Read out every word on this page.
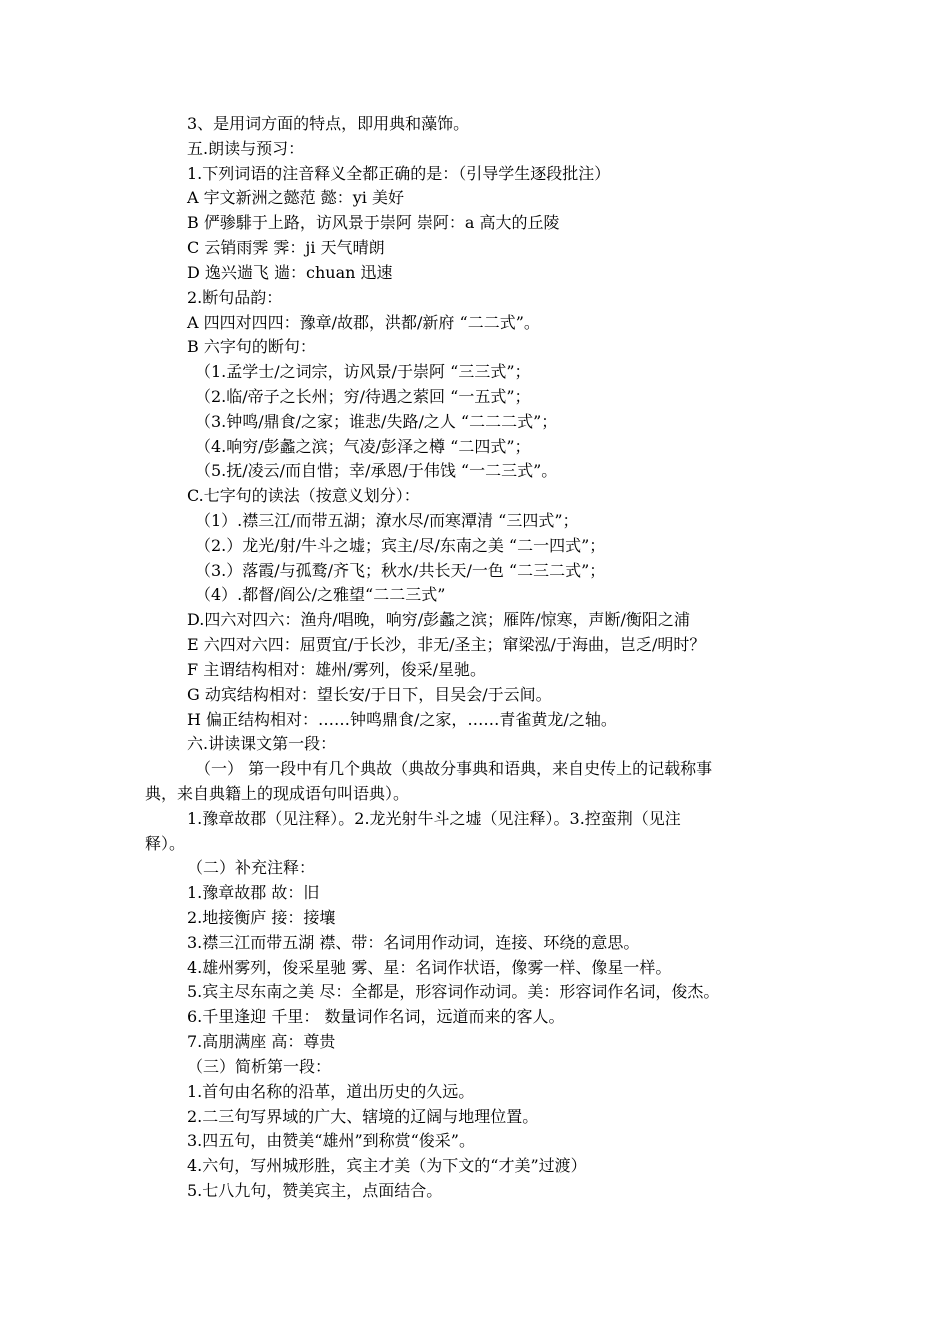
3、是用词方面的特点，即用典和藻饰。
五.朗读与预习：
1.下列词语的注音释义全都正确的是：（引导学生逐段批注）
A 宇文新洲之懿范 懿：yi 美好
B 俨骖騑于上路，访风景于崇阿 崇阿：a 高大的丘陵
C 云销雨霁 霁：ji 天气晴朗
D 逸兴遄飞 遄：chuan 迅速
2.断句品韵：
A 四四对四四：豫章/故郡，洪都/新府 “二二式”。
B 六字句的断句：
（1.孟学士/之词宗，访风景/于崇阿 “三三式”；
（2.临/帝子之长州；穷/待遇之萦回 “一五式”；
（3.钟鸣/鼎食/之家；谁悲/失路/之人 “二二二式”；
（4.响穷/彭蠡之滨；气凌/彭泽之樽 “二四式”；
（5.抚/凌云/而自惜；幸/承恩/于伟饯 “一二三式”。
C.七字句的读法（按意义划分）：
（1）.襟三江/而带五湖；潦水尽/而寒潭清 “三四式”；
（2.）龙光/射/牛斗之墟；宾主/尽/东南之美 “二一四式”；
（3.）落霞/与孤鹜/齐飞；秋水/共长天/一色 “二三二式”；
（4）.都督/阎公/之雅望“二二三式”
D.四六对四六：渔舟/唱晚，响穷/彭蠡之滨；雁阵/惊寒，声断/衡阳之浦
E 六四对六四：屈贾宜/于长沙，非无/圣主；窜梁泓/于海曲，岂乏/明时？
F 主谓结构相对：雄州/雾列，俊采/星驰。
G 动宾结构相对：望长安/于日下，目吴会/于云间。
H 偏正结构相对：……钟鸣鼎食/之家，……青雀黄龙/之轴。
六.讲读课文第一段：
（一） 第一段中有几个典故（典故分事典和语典，来自史传上的记载称事
典，来自典籍上的现成语句叫语典）。
1.豫章故郡（见注释）。2.龙光射牛斗之墟（见注释）。3.控蛮荆（见注
释）。
（二）补充注释：
1.豫章故郡 故：旧
2.地接衡庐 接：接壤
3.襟三江而带五湖 襟、带：名词用作动词，连接、环绕的意思。
4.雄州雾列，俊采星驰 雾、星：名词作状语，像雾一样、像星一样。
5.宾主尽东南之美 尽：全都是，形容词作动词。美：形容词作名词，俊杰。
6.千里逢迎 千里： 数量词作名词，远道而来的客人。
7.高朋满座 高：尊贵
（三）简析第一段：
1.首句由名称的沿革，道出历史的久远。
2.二三句写界域的广大、辖境的辽阔与地理位置。
3.四五句，由赞美“雄州”到称赏“俊采”。
4.六句，写州城形胜，宾主才美（为下文的“才美”过渡）
5.七八九句，赞美宾主，点面结合。
